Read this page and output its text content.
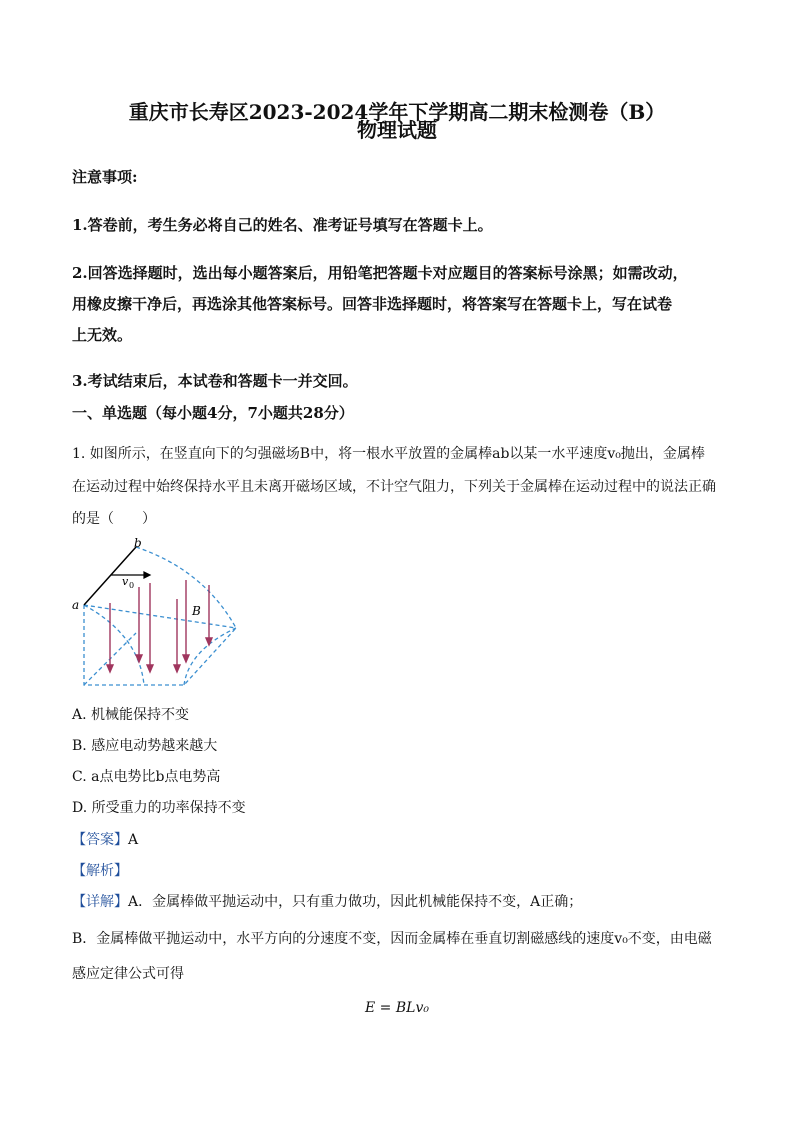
重庆市长寿区2023-2024学年下学期高二期末检测卷（B）
物理试题
注意事项:
1.答卷前，考生务必将自己的姓名、准考证号填写在答题卡上。
2.回答选择题时，选出每小题答案后，用铅笔把答题卡对应题目的答案标号涂黑；如需改动，
用橡皮擦干净后，再选涂其他答案标号。回答非选择题时，将答案写在答题卡上，写在试卷
上无效。
3.考试结束后，本试卷和答题卡一并交回。
一、单选题（每小题4分，7小题共28分）
1. 如图所示，在竖直向下的匀强磁场B中，将一根水平放置的金属棒ab以某一水平速度v₀抛出，金属棒
在运动过程中始终保持水平且未离开磁场区域，不计空气阻力，下列关于金属棒在运动过程中的说法正确
的是（　　）
b
a
v 0
B
A. 机械能保持不变
B. 感应电动势越来越大
C. a点电势比b点电势高
D. 所受重力的功率保持不变
【答案】A
【解析】
【详解】A．金属棒做平抛运动中，只有重力做功，因此机械能保持不变，A正确；
B．金属棒做平抛运动中，水平方向的分速度不变，因而金属棒在垂直切割磁感线的速度v₀不变，由电磁
感应定律公式可得
E = BLv₀
